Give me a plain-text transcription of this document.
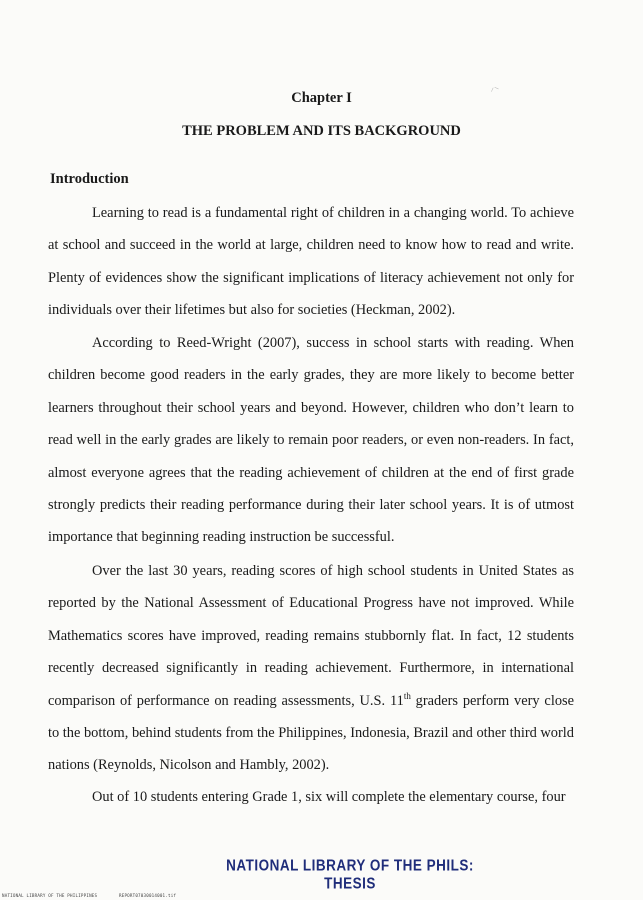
⸝⸜
Chapter I
THE PROBLEM AND ITS BACKGROUND
Introduction

Learning to read is a fundamental right of children in a changing world. To achieve at school and succeed in the world at large, children need to know how to read and write. Plenty of evidences show the significant implications of literacy achievement not only for individuals over their lifetimes but also for societies (Heckman, 2002).

According to Reed-Wright (2007), success in school starts with reading. When children become good readers in the early grades, they are more likely to become better learners throughout their school years and beyond. However, children who don’t learn to read well in the early grades are likely to remain poor readers, or even non-readers. In fact, almost everyone agrees that the reading achievement of children at the end of first grade strongly predicts their reading performance during their later school years. It is of utmost importance that beginning reading instruction be successful.

Over the last 30 years, reading scores of high school students in United States as reported by the National Assessment of Educational Progress have not improved. While Mathematics scores have improved, reading remains stubbornly flat. In fact, 12 students recently decreased significantly in reading achievement. Furthermore, in international comparison of performance on reading assessments, U.S. 11th graders perform very close to the bottom, behind students from the Philippines, Indonesia, Brazil and other third world nations (Reynolds, Nicolson and Hambly, 2002).

Out of 10 students entering Grade 1, six will complete the elementary course, four

NATIONAL LIBRARY OF THE PHILS:
THESIS
NATIONAL LIBRARY OF THE PHILIPPINES        REPORT07030014001.tif
